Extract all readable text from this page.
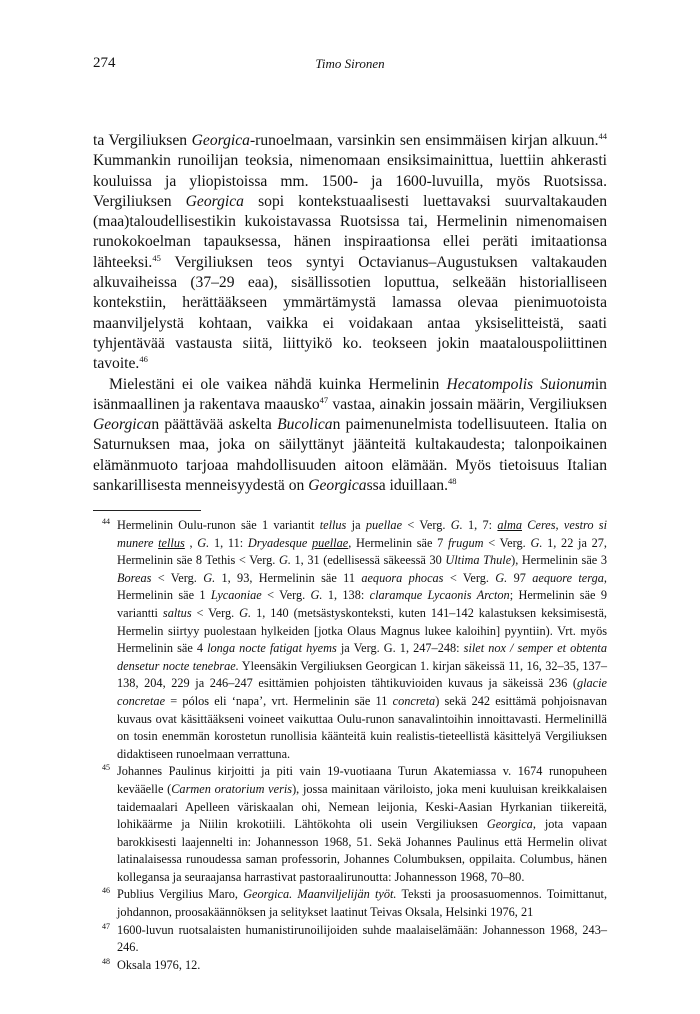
274	Timo Sironen

ta Vergiliuksen Georgica-runoelmaan, varsinkin sen ensimmäisen kirjan alkuun.$^{44}$ Kummankin runoilijan teoksia, nimenomaan ensiksimainittua, luettiin ahkerasti kouluissa ja yliopistoissa mm. 1500- ja 1600-luvuilla, myös Ruotsissa. Vergiliuksen Georgica sopi kontekstuaalisesti luettavaksi suurvaltakauden (maa)taloudellisestikin kukoistavassa Ruotsissa tai, Hermelinin nimenomaisen runokokoelman tapauksessa, hänen inspiraationsa ellei peräti imitaationsa lähteeksi.$^{45}$ Vergiliuksen teos syntyi Octavianus–Augustuksen valtakauden alkuvaiheissa (37–29 eaa), sisällissotien loputtua, selkeään historialliseen kontekstiin, herättääkseen ymmärtämystä lamassa olevaa pienimuotoista maanviljelystä kohtaan, vaikka ei voidakaan antaa yksiselitteistä, saati tyhjentävää vastausta siitä, liittyikö ko. teokseen jokin maatalouspoliittinen tavoite.$^{46}$

Mielestäni ei ole vaikea nähdä kuinka Hermelinin Hecatompolis Suionumin isänmaallinen ja rakentava maausko$^{47}$ vastaa, ainakin jossain määrin, Vergiliuksen Georgican päättävää askelta Bucolican paimenunelmista todellisuuteen. Italia on Saturnuksen maa, joka on säilyttänyt jäänteitä kultakaudesta; talonpoikainen elämänmuoto tarjoaa mahdollisuuden aitoon elämään. Myös tietoisuus Italian sankarillisesta menneisyydestä on Georgicassa iduillaan.$^{48}$

44 Hermelinin Oulu-runon säe 1 variantit tellus ja puellae < Verg. G. 1, 7: alma Ceres, vestro si munere tellus , G. 1, 11: Dryadesque puellae, Hermelinin säe 7 frugum < Verg. G. 1, 22 ja 27, Hermelinin säe 8 Tethis < Verg. G. 1, 31 (edellisessä säkeessä 30 Ultima Thule), Hermelinin säe 3 Boreas < Verg. G. 1, 93, Hermelinin säe 11 aequora phocas < Verg. G. 97 aequore terga, Hermelinin säe 1 Lycaoniae < Verg. G. 1, 138: claramque Lycaonis Arcton; Hermelinin säe 9 variantti saltus < Verg. G. 1, 140 (metsästyskonteksti, kuten 141–142 kalastuksen keksimisestä, Hermelin siirtyy puolestaan hylkeiden [jotka Olaus Magnus lukee kaloihin] pyyntiin). Vrt. myös Hermelinin säe 4 longa nocte fatigat hyems ja Verg. G. 1, 247–248: silet nox / semper et obtenta densetur nocte tenebrae. Yleensäkin Vergiliuksen Georgican 1. kirjan säkeissä 11, 16, 32–35, 137–138, 204, 229 ja 246–247 esittämien pohjoisten tähtikuvioiden kuvaus ja säkeissä 236 (glacie concretae = pólos eli ‘napa’, vrt. Hermelinin säe 11 concreta) sekä 242 esittämä pohjoisnavan kuvaus ovat käsittääkseni voineet vaikuttaa Oulu-runon sanavalintoihin innoittavasti. Hermelinillä on tosin enemmän korostetun runollisia käänteitä kuin realistis-tieteellistä käsittelyä Vergiliuksen didaktiseen runoelmaan verrattuna.

45 Johannes Paulinus kirjoitti ja piti vain 19-vuotiaana Turun Akatemiassa v. 1674 runopuheen kevääelle (Carmen oratorium veris), jossa mainitaan väriloisto, joka meni kuuluisan kreikkalaisen taidemaalari Apelleen väriskaalan ohi, Nemean leijonia, Keski-Aasian Hyrkanian tiikereitä, lohikäärme ja Niilin krokotiili. Lähtökohta oli usein Vergiliuksen Georgica, jota vapaan barokkisesti laajennelti in: Johannesson 1968, 51. Sekä Johannes Paulinus että Hermelin olivat latinalaisessa runoudessa saman professorin, Johannes Columbuksen, oppilaita. Columbus, hänen kollegansa ja seuraajansa harrastivat pastoraalirunoutta: Johannesson 1968, 70–80.

46 Publius Vergilius Maro, Georgica. Maanviljelijän työt. Teksti ja proosasuomennos. Toimittanut, johdannon, proosakäännöksen ja selitykset laatinut Teivas Oksala, Helsinki 1976, 21

47 1600-luvun ruotsalaisten humanistirunoilijoiden suhde maalaiselämään: Johannesson 1968, 243–246.

48 Oksala 1976, 12.
